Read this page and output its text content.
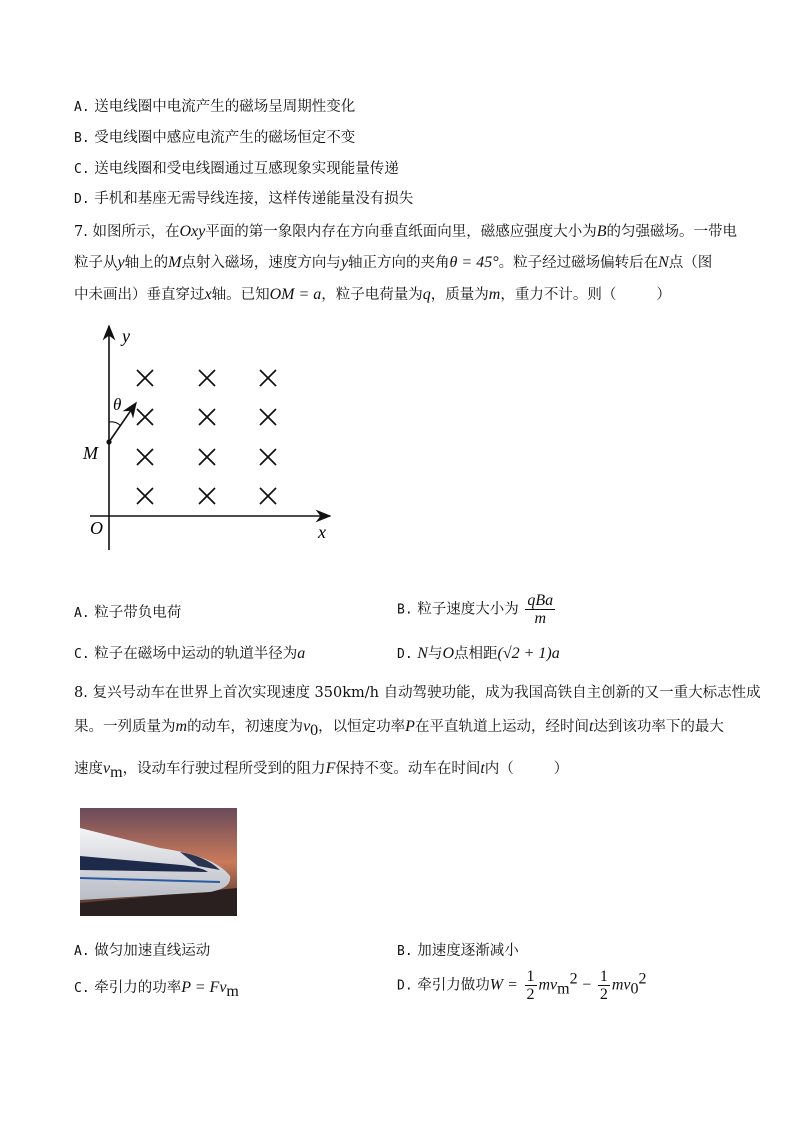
A. 送电线圈中电流产生的磁场呈周期性变化
B. 受电线圈中感应电流产生的磁场恒定不变
C. 送电线圈和受电线圈通过互感现象实现能量传递
D. 手机和基座无需导线连接，这样传递能量没有损失
7. 如图所示，在Oxy平面的第一象限内存在方向垂直纸面向里，磁感应强度大小为B的匀强磁场。一带电
粒子从y轴上的M点射入磁场，速度方向与y轴正方向的夹角θ = 45°。粒子经过磁场偏转后在N点（图
中未画出）垂直穿过x轴。已知OM = a，粒子电荷量为q，质量为m，重力不计。则（	）
y
x
O
M
θ
A. 粒子带负电荷	B. 粒子速度大小为 $\frac{\text{qBa}}{m}$
C. 粒子在磁场中运动的轨道半径为a	D. N与O点相距(√2 + 1)a
8. 复兴号动车在世界上首次实现速度 350km/h 自动驾驶功能，成为我国高铁自主创新的又一重大标志性成
果。一列质量为m的动车，初速度为$v_0$，以恒定功率P在平直轨道上运动，经时间t达到该功率下的最大
速度$v_m$，设动车行驶过程所受到的阻力F保持不变。动车在时间t内（	）
A. 做匀加速直线运动	B. 加速度逐渐减小
C. 牵引力的功率$P = Fv_m$	D. 牵引力做功$W = \frac{1}{2} mv_m^2 - \frac{1}{2} mv_0^2$
